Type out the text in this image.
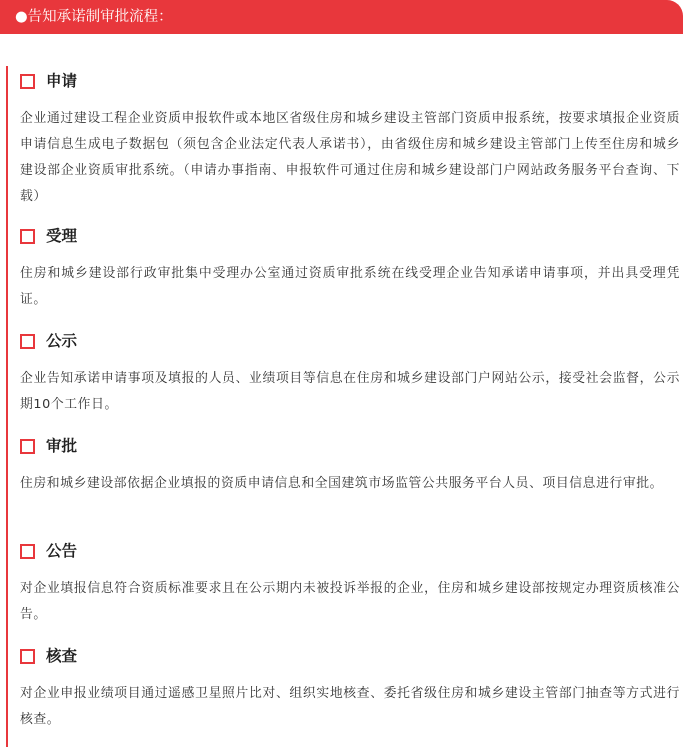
●告知承诺制审批流程：
申请
企业通过建设工程企业资质申报软件或本地区省级住房和城乡建设主管部门资质申报系统，按要求填报企业资质申请信息生成电子数据包（须包含企业法定代表人承诺书），由省级住房和城乡建设主管部门上传至住房和城乡建设部企业资质审批系统。（申请办事指南、申报软件可通过住房和城乡建设部门户网站政务服务平台查询、下载）
受理
住房和城乡建设部行政审批集中受理办公室通过资质审批系统在线受理企业告知承诺申请事项，并出具受理凭证。
公示
企业告知承诺申请事项及填报的人员、业绩项目等信息在住房和城乡建设部门户网站公示，接受社会监督，公示期10个工作日。
审批
住房和城乡建设部依据企业填报的资质申请信息和全国建筑市场监管公共服务平台人员、项目信息进行审批。
公告
对企业填报信息符合资质标准要求且在公示期内未被投诉举报的企业，住房和城乡建设部按规定办理资质核准公告。
核查
对企业申报业绩项目通过遥感卫星照片比对、组织实地核查、委托省级住房和城乡建设主管部门抽查等方式进行核查。
